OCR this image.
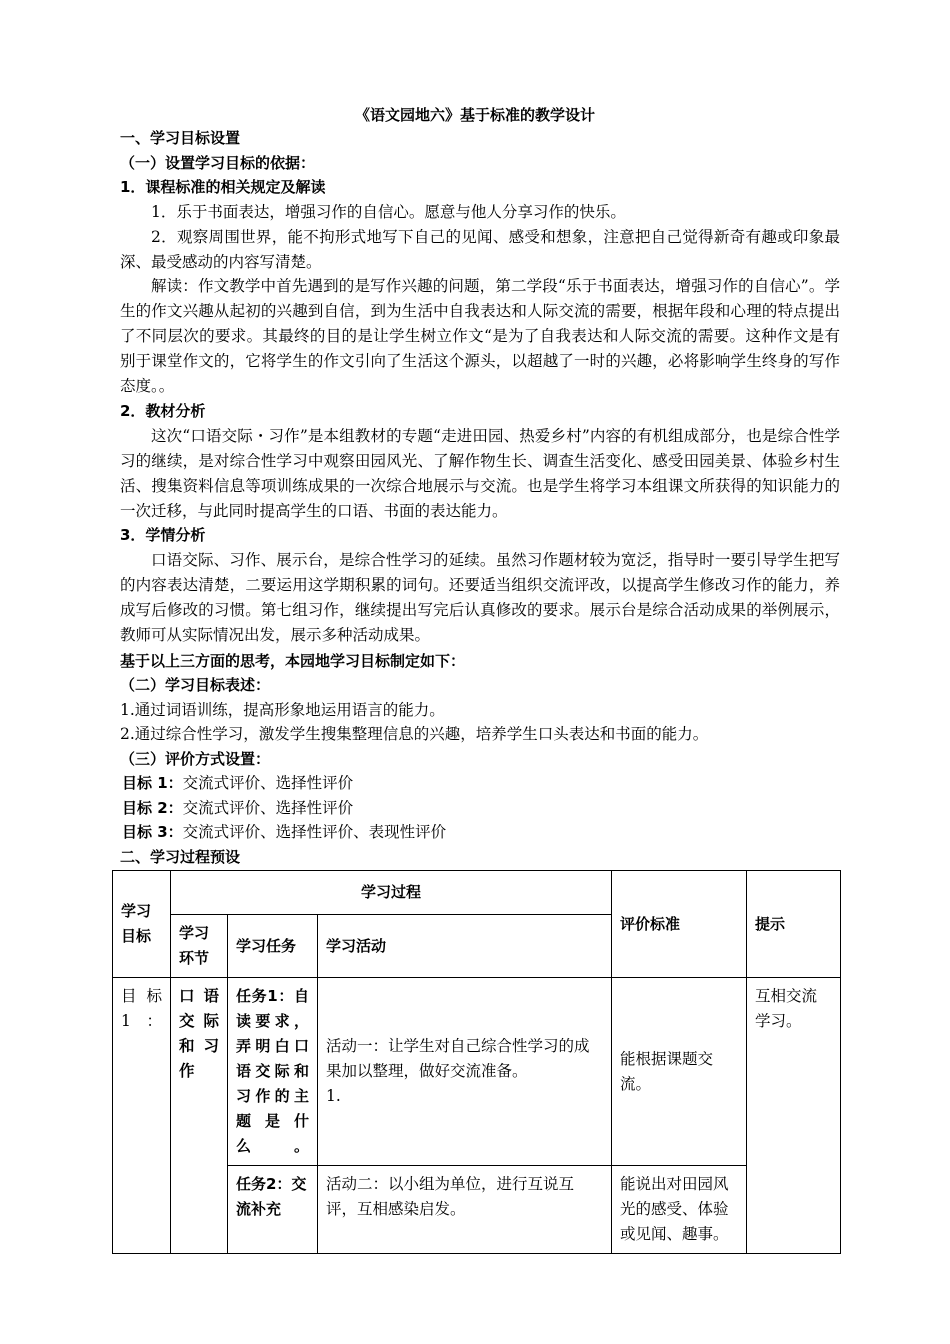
《语文园地六》基于标准的教学设计
一、学习目标设置
（一）设置学习目标的依据：
1．课程标准的相关规定及解读
1．乐于书面表达，增强习作的自信心。愿意与他人分享习作的快乐。
2．观察周围世界，能不拘形式地写下自己的见闻、感受和想象，注意把自己觉得新奇有趣或印象最深、最受感动的内容写清楚。
解读：作文教学中首先遇到的是写作兴趣的问题，第二学段“乐于书面表达，增强习作的自信心”。学生的作文兴趣从起初的兴趣到自信，到为生活中自我表达和人际交流的需要，根据年段和心理的特点提出了不同层次的要求。其最终的目的是让学生树立作文“是为了自我表达和人际交流的需要。这种作文是有别于课堂作文的，它将学生的作文引向了生活这个源头，以超越了一时的兴趣，必将影响学生终身的写作态度。。
2．教材分析
这次“口语交际・习作”是本组教材的专题“走进田园、热爱乡村”内容的有机组成部分，也是综合性学习的继续，是对综合性学习中观察田园风光、了解作物生长、调查生活变化、感受田园美景、体验乡村生活、搜集资料信息等项训练成果的一次综合地展示与交流。也是学生将学习本组课文所获得的知识能力的一次迁移，与此同时提高学生的口语、书面的表达能力。
3．学情分析
口语交际、习作、展示台，是综合性学习的延续。虽然习作题材较为宽泛，指导时一要引导学生把写的内容表达清楚，二要运用这学期积累的词句。还要适当组织交流评改，以提高学生修改习作的能力，养成写后修改的习惯。第七组习作，继续提出写完后认真修改的要求。展示台是综合活动成果的举例展示，教师可从实际情况出发，展示多种活动成果。
基于以上三方面的思考，本园地学习目标制定如下：
（二）学习目标表述：
1.通过词语训练，提高形象地运用语言的能力。
2.通过综合性学习，激发学生搜集整理信息的兴趣，培养学生口头表达和书面的能力。
（三）评价方式设置：
目标 1：交流式评价、选择性评价
目标 2：交流式评价、选择性评价
目标 3：交流式评价、选择性评价、表现性评价
二、学习过程预设
学习目标	学习过程			评价标准	提示
	学习环节	学习任务	学习活动		
目标1：	口语交际和习作	任务1：自读要求，弄明白口语交际和习作的主题是什么。	活动一：让学生对自己综合性学习的成果加以整理，做好交流准备。
1.	能根据课题交流。	互相交流学习。
		任务2：交流补充	活动二：以小组为单位，进行互说互评，互相感染启发。	能说出对田园风光的感受、体验或见闻、趣事。	
